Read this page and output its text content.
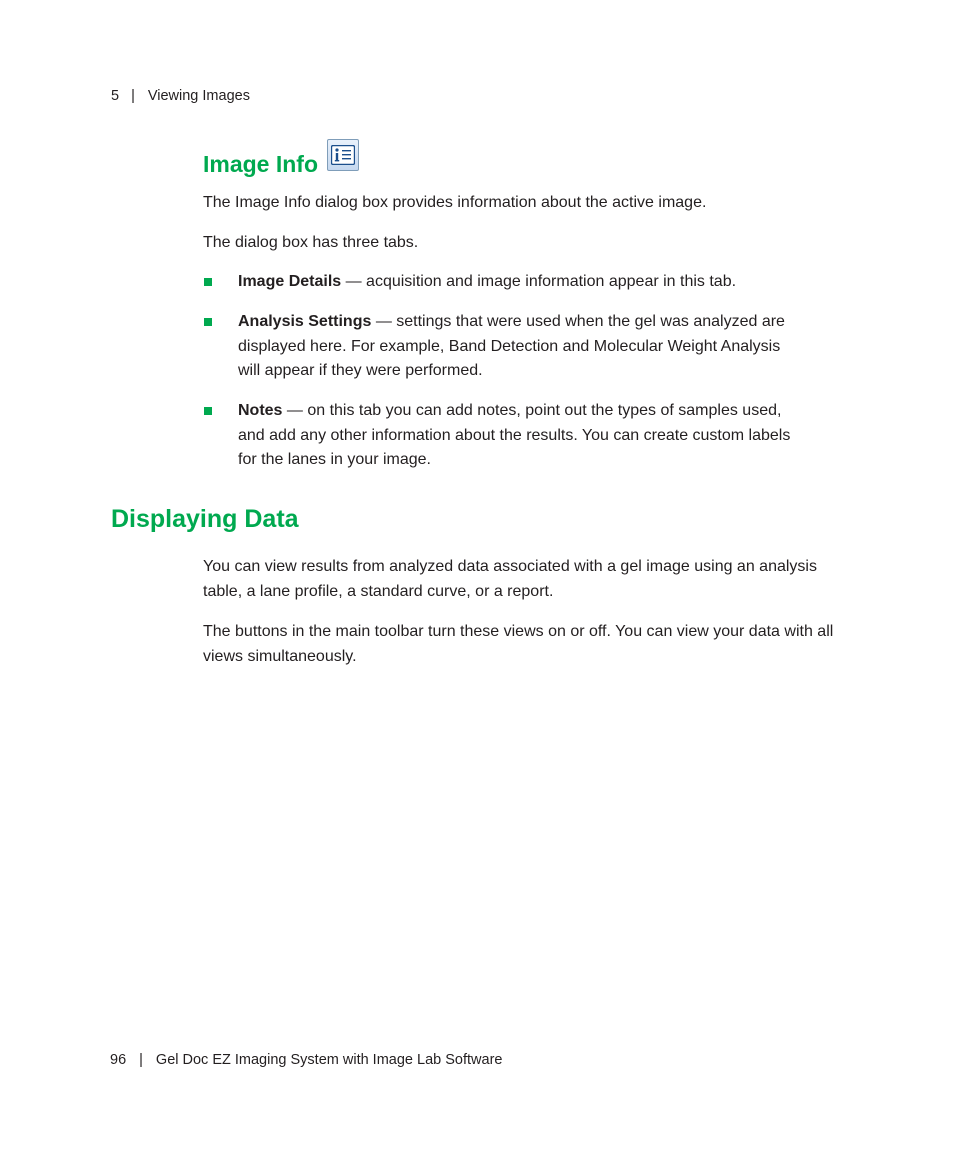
5 | Viewing Images
Image Info

The Image Info dialog box provides information about the active image.

The dialog box has three tabs.

Image Details — acquisition and image information appear in this tab.
Analysis Settings — settings that were used when the gel was analyzed are displayed here. For example, Band Detection and Molecular Weight Analysis will appear if they were performed.
Notes — on this tab you can add notes, point out the types of samples used, and add any other information about the results. You can create custom labels for the lanes in your image.
Displaying Data

You can view results from analyzed data associated with a gel image using an analysis table, a lane profile, a standard curve, or a report.

The buttons in the main toolbar turn these views on or off. You can view your data with all views simultaneously.

96 | Gel Doc EZ Imaging System with Image Lab Software
